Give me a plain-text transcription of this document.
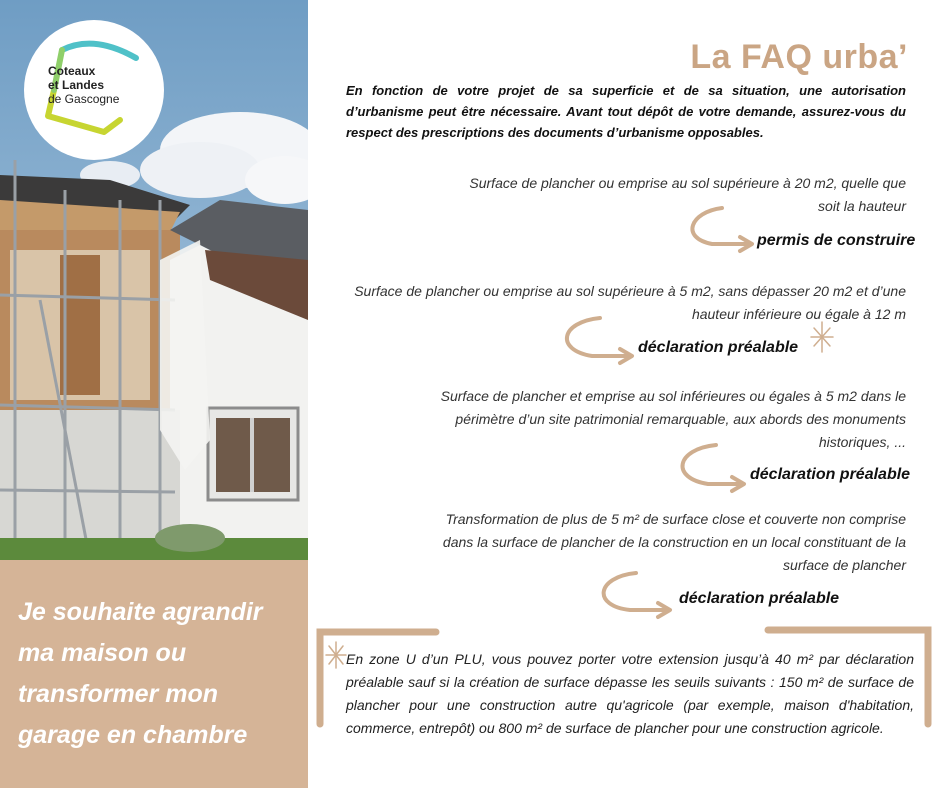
Coteaux
et Landes
de Gascogne

Je souhaite agrandir ma maison ou transformer mon garage en chambre

La FAQ urba’

En fonction de votre projet de sa superficie et de sa situation, une autorisation d’urbanisme peut être nécessaire. Avant tout dépôt de votre demande, assurez-vous du respect des prescriptions des documents d’urbanisme opposables.

Surface de plancher ou emprise au sol supérieure à 20 m2, quelle que soit la hauteur

permis de construire

Surface de plancher ou emprise au sol supérieure à 5 m2, sans dépasser 20 m2 et d’une hauteur inférieure ou égale à 12 m

déclaration préalable

Surface de plancher et emprise au sol inférieures ou égales à 5 m2 dans le périmètre d’un site patrimonial remarquable, aux abords des monuments historiques, ...

déclaration préalable

Transformation de plus de 5 m² de surface close et couverte non comprise dans la surface de plancher de la construction en un local constituant de la surface de plancher

déclaration préalable

En zone U d’un PLU, vous pouvez porter votre extension jusqu’à 40 m² par déclaration préalable sauf si la création de surface dépasse les seuils suivants : 150 m² de surface de plancher pour une construction autre qu'agricole (par exemple, maison d'habitation, commerce, entrepôt) ou 800 m² de surface de plancher pour une construction agricole.
